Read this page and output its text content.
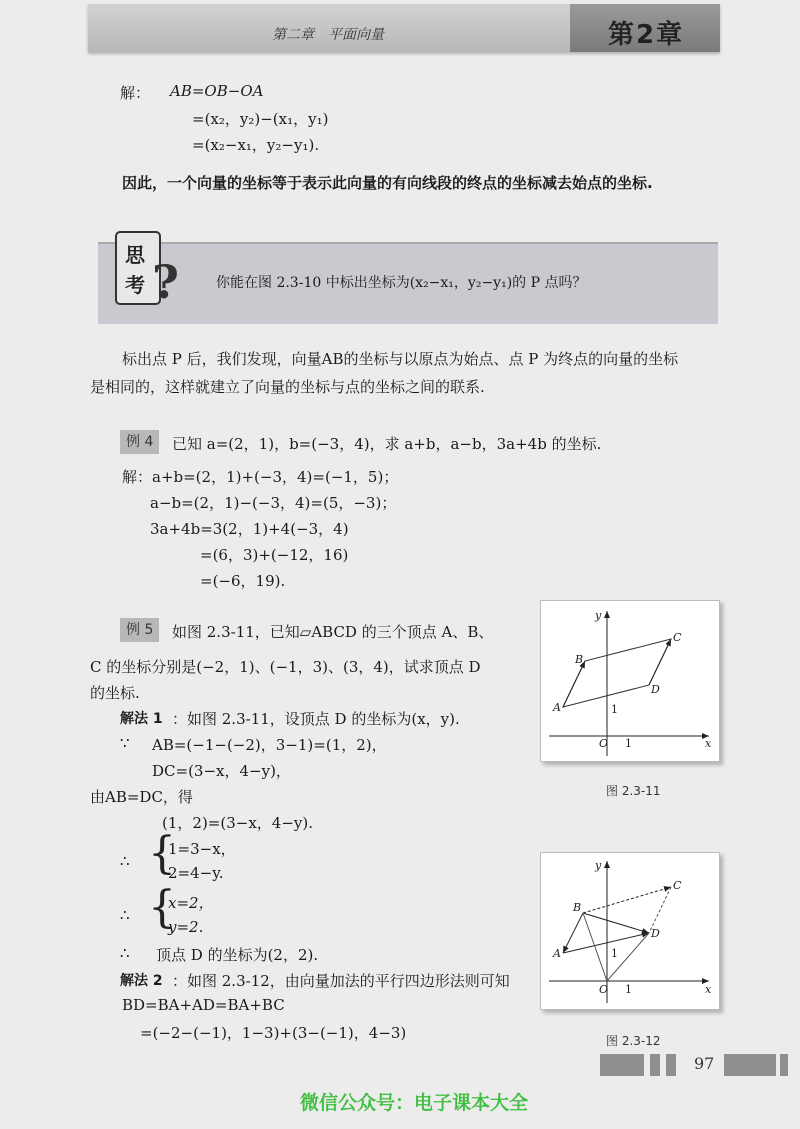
第二章　平面向量	第2章
解： AB=OB−OA
=(x₂，y₂)−(x₁，y₁)
=(x₂−x₁，y₂−y₁).
因此，一个向量的坐标等于表示此向量的有向线段的终点的坐标减去始点的坐标.
思
考 ?	你能在图 2.3-10 中标出坐标为(x₂−x₁，y₂−y₁)的 P 点吗？
标出点 P 后，我们发现，向量AB的坐标与以原点为始点、点 P 为终点的向量的坐标
是相同的，这样就建立了向量的坐标与点的坐标之间的联系.
例 4	已知 a=(2，1)，b=(−3，4)，求 a+b，a−b，3a+4b 的坐标.
解：a+b=(2，1)+(−3，4)=(−1，5)；
a−b=(2，1)−(−3，4)=(5，−3)；
3a+4b=3(2，1)+4(−3，4)
=(6，3)+(−12，16)
=(−6，19).
例 5	如图 2.3-11，已知▱ABCD 的三个顶点 A、B、
C 的坐标分别是(−2，1)、(−1，3)、(3，4)，试求顶点 D
的坐标.
解法 1 ：如图 2.3-11，设顶点 D 的坐标为(x，y).
∵ AB=(−1−(−2)，3−1)=(1，2)，
DC=(3−x，4−y)，
由AB=DC，得
(1，2)=(3−x，4−y).
∴ {
1=3−x，
2=4−y.
∴ {
x=2，
y=2.
∴ 顶点 D 的坐标为(2，2).
解法 2 ：如图 2.3-12，由向量加法的平行四边形法则可知
BD=BA+AD=BA+BC
=(−2−(−1)，1−3)+(3−(−1)，4−3)
A
B
C
D
O 1
1
x
y
图 2.3-11
A
B
C
D
O 1
1
x
y
图 2.3-12
97
微信公众号：电子课本大全
